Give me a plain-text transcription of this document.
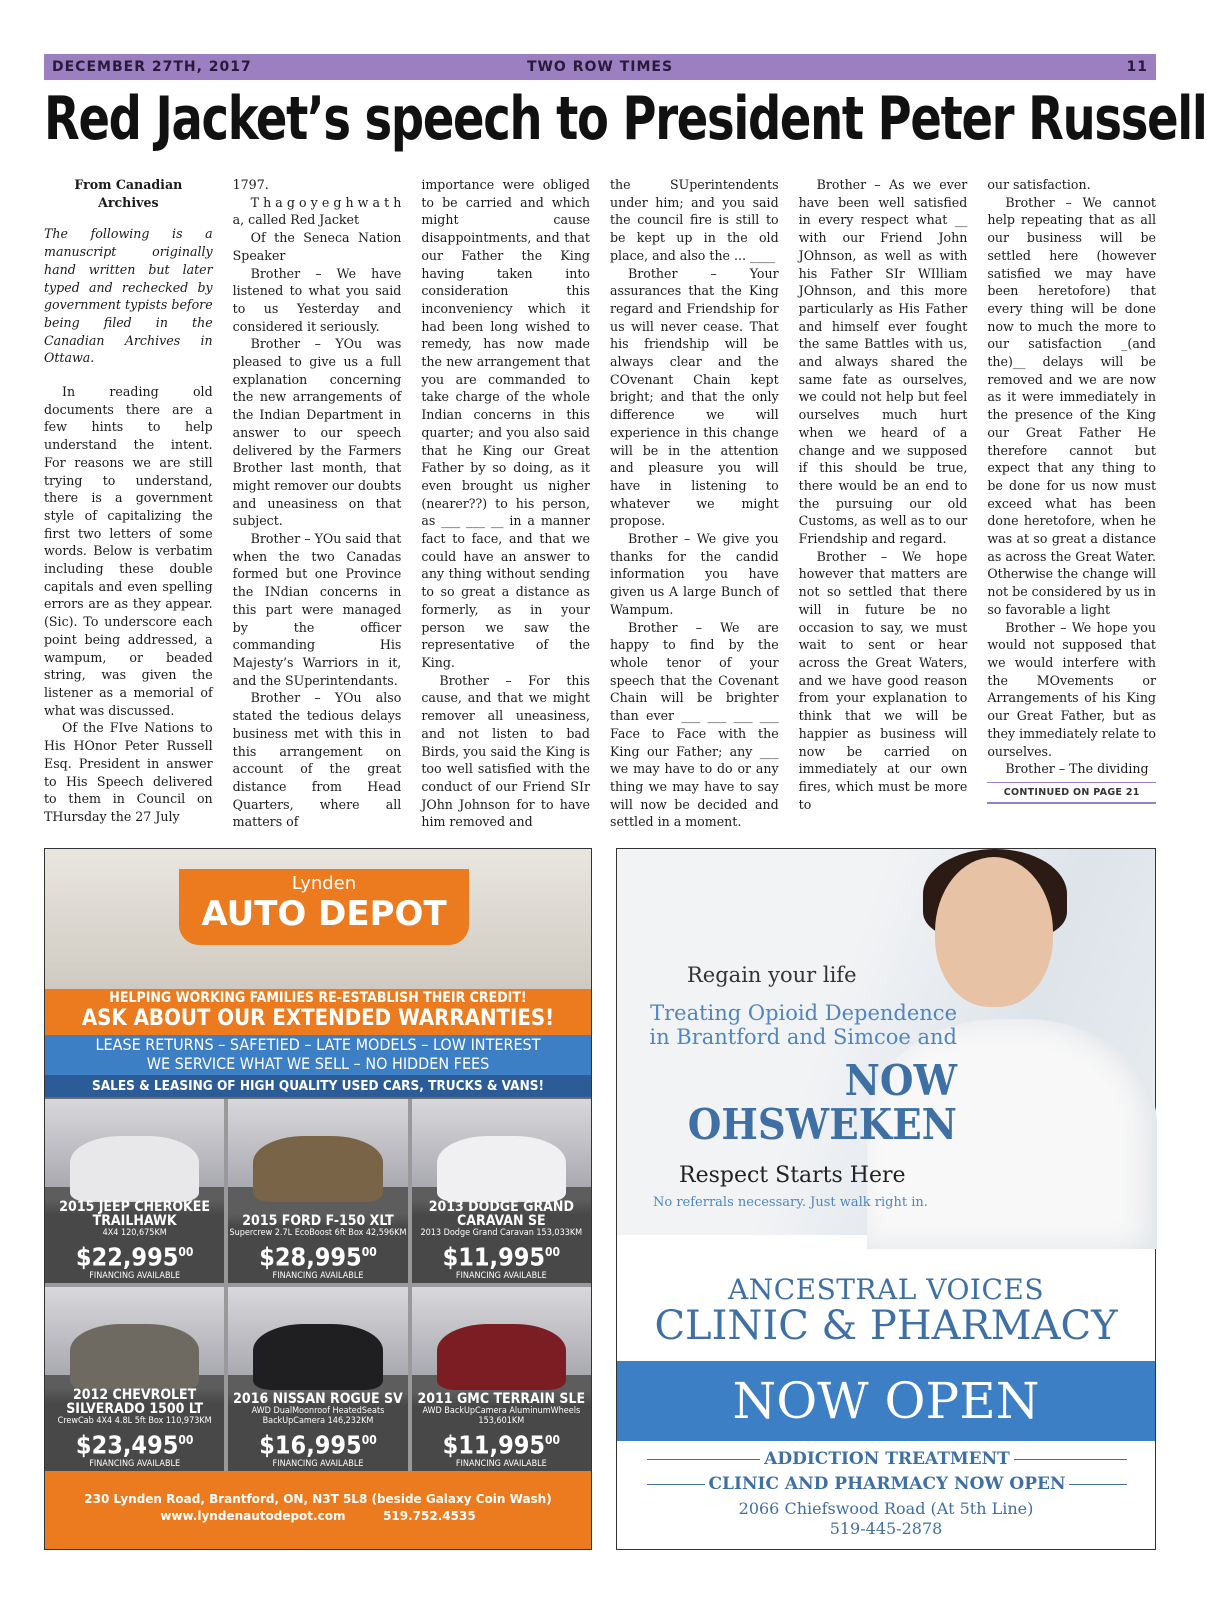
DECEMBER 27TH, 2017	TWO ROW TIMES	11
Red Jacket’s speech to President Peter Russell

From Canadian Archives

The following is a manuscript originally hand written but later typed and rechecked by government typists before being filed in the Canadian Archives in Ottawa.

In reading old documents there are a few hints to help understand the intent. For reasons we are still trying to understand, there is a government style of capitalizing the first two letters of some words. Below is verbatim including these double capitals and even spelling errors are as they appear. (Sic). To underscore each point being addressed, a wampum, or beaded string, was given the listener as a memorial of what was discussed.

Of the FIve Nations to His HOnor Peter Russell Esq. President in answer to His Speech delivered to them in Council on THursday the 27 July

1797.

T h a g o y e g h w a t h a, called Red Jacket

Of the Seneca Nation Speaker

Brother – We have listened to what you said to us Yesterday and considered it seriously.

Brother – YOu was pleased to give us a full explanation concerning the new arrangements of the Indian Department in answer to our speech delivered by the Farmers Brother last month, that might remover our doubts and uneasiness on that subject.

Brother – YOu said that when the two Canadas formed but one Province the INdian concerns in this part were managed by the officer commanding His Majesty’s Warriors in it, and the SUperintendants.

Brother – YOu also stated the tedious delays business met with this in this arrangement on account of the great distance from Head Quarters, where all matters of

importance were obliged to be carried and which might cause disappointments, and that our Father the King having taken into consideration this inconveniency which it had been long wished to remedy, has now made the new arrangement that you are commanded to take charge of the whole Indian concerns in this quarter; and you also said that he King our Great Father by so doing, as it even brought us nigher (nearer??) to his person, as ___ ___ __ in a manner fact to face, and that we could have an answer to any thing without sending to so great a distance as formerly, as in your person we saw the representative of the King.

Brother – For this cause, and that we might remover all uneasiness, and not listen to bad Birds, you said the King is too well satisfied with the conduct of our Friend SIr JOhn Johnson for to have him removed and

the SUperintendents under him; and you said the council fire is still to be kept up in the old place, and also the ... ____

Brother – Your assurances that the King regard and Friendship for us will never cease. That his friendship will be always clear and the COvenant Chain kept bright; and that the only difference we will experience in this change will be in the attention and pleasure you will have in listening to whatever we might propose.

Brother – We give you thanks for the candid information you have given us A large Bunch of Wampum.

Brother – We are happy to find by the whole tenor of your speech that the Covenant Chain will be brighter than ever ___ ___ ___ ___ Face to Face with the King our Father; any ___ we may have to do or any thing we may have to say will now be decided and settled in a moment.

Brother – As we ever have been well satisfied in every respect what __ with our Friend John JOhnson, as well as with his Father SIr WIlliam JOhnson, and this more particularly as His Father and himself ever fought the same Battles with us, and always shared the same fate as ourselves, we could not help but feel ourselves much hurt when we heard of a change and we supposed if this should be true, there would be an end to the pursuing our old Customs, as well as to our Friendship and regard.

Brother – We hope however that matters are not so settled that there will in future be no occasion to say, we must wait to sent or hear across the Great Waters, and we have good reason from your explanation to think that we will be happier as business will now be carried on immediately at our own fires, which must be more to

our satisfaction.

Brother – We cannot help repeating that as all our business will be settled here (however satisfied we may have been heretofore) that every thing will be done now to much the more to our satisfaction _(and the)__ delays will be removed and we are now as it were immediately in the presence of the King our Great Father He therefore cannot but expect that any thing to be done for us now must exceed what has been done heretofore, when he was at so great a distance as across the Great Water. Otherwise the change will not be considered by us in so favorable a light

Brother – We hope you would not supposed that we would interfere with the MOvements or Arrangements of his King our Great Father, but as they immediately relate to ourselves.

Brother – The dividing

CONTINUED ON PAGE 21
Lynden
AUTO DEPOT
HELPING WORKING FAMILIES RE-ESTABLISH THEIR CREDIT!
ASK ABOUT OUR EXTENDED WARRANTIES!
LEASE RETURNS – SAFETIED – LATE MODELS – LOW INTEREST
WE SERVICE WHAT WE SELL – NO HIDDEN FEES
SALES & LEASING OF HIGH QUALITY USED CARS, TRUCKS & VANS!
2015 JEEP CHEROKEE TRAILHAWK
4X4 120,675KM
$22,995$^{00}$
FINANCING AVAILABLE
2015 FORD F-150 XLT
Supercrew 2.7L EcoBoost 6ft Box 42,596KM
$28,995$^{00}$
FINANCING AVAILABLE
2013 DODGE GRAND CARAVAN SE
2013 Dodge Grand Caravan 153,033KM
$11,995$^{00}$
FINANCING AVAILABLE
2012 CHEVROLET SILVERADO 1500 LT
CrewCab 4X4 4.8L 5ft Box 110,973KM
$23,495$^{00}$
FINANCING AVAILABLE
2016 NISSAN ROGUE SV
AWD DualMoonroof HeatedSeats BackUpCamera 146,232KM
$16,995$^{00}$
FINANCING AVAILABLE
2011 GMC TERRAIN SLE
AWD BackUpCamera AluminumWheels 153,601KM
$11,995$^{00}$
FINANCING AVAILABLE
230 Lynden Road, Brantford, ON, N3T 5L8 (beside Galaxy Coin Wash)
www.lyndenautodepot.com	519.752.4535
Regain your life
Treating Opioid Dependence
in Brantford and Simcoe and
NOW
OHSWEKEN
Respect Starts Here
No referrals necessary. Just walk right in.
ANCESTRAL VOICES
CLINIC & PHARMACY
NOW OPEN
ADDICTION TREATMENT
CLINIC AND PHARMACY NOW OPEN
2066 Chiefswood Road (At 5th Line)
519-445-2878
